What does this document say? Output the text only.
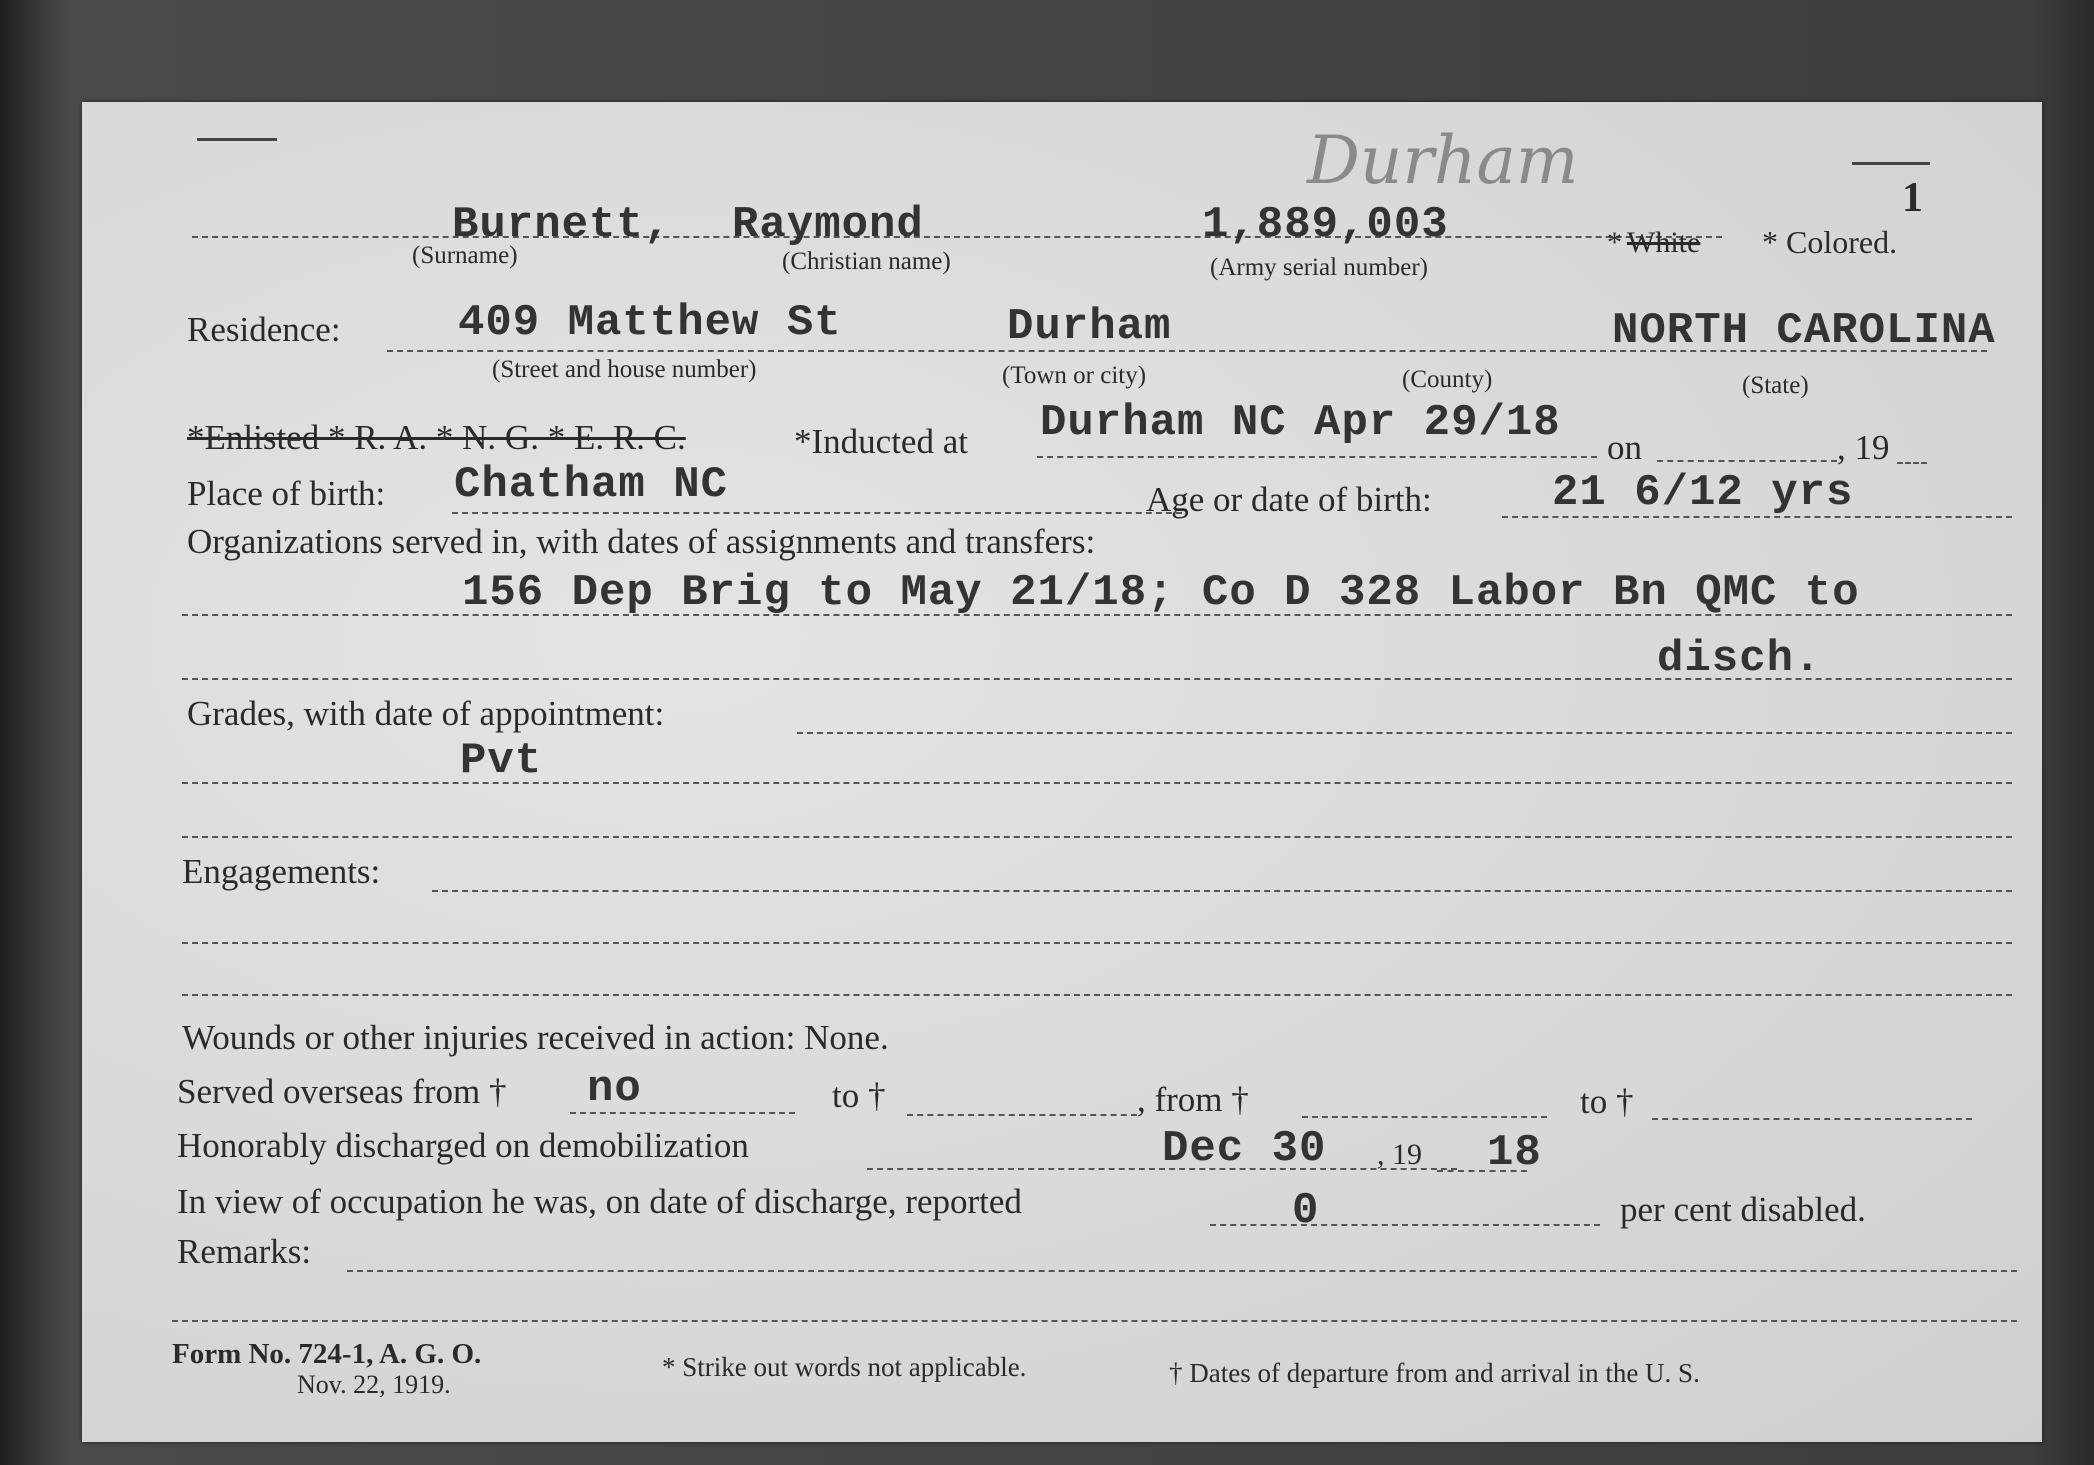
Durham	1
Burnett, Raymond	1,889,003	* White * Colored.
(Surname)	(Christian name)	(Army serial number)
Residence:	409 Matthew St	Durham	NORTH CAROLINA
(Street and house number)	(Town or city)	(County)	(State)
*Enlisted * R. A. * N. G. * E. R. C.	*Inducted at Durham NC Apr 29/18 on	, 19
Place of birth: Chatham NC	Age or date of birth:	21 6/12 yrs
Organizations served in, with dates of assignments and transfers:
156 Dep Brig to May 21/18; Co D 328 Labor Bn QMC to
disch.
Grades, with date of appointment:
Pvt
Engagements:
Wounds or other injuries received in action: None.
Served overseas from † no	to †	, from †	to †
Honorably discharged on demobilization	Dec 30 , 19 18
In view of occupation he was, on date of discharge, reported	0	per cent disabled.
Remarks:
Form No. 724-1, A. G. O.
Nov. 22, 1919.
* Strike out words not applicable.	† Dates of departure from and arrival in the U. S.
